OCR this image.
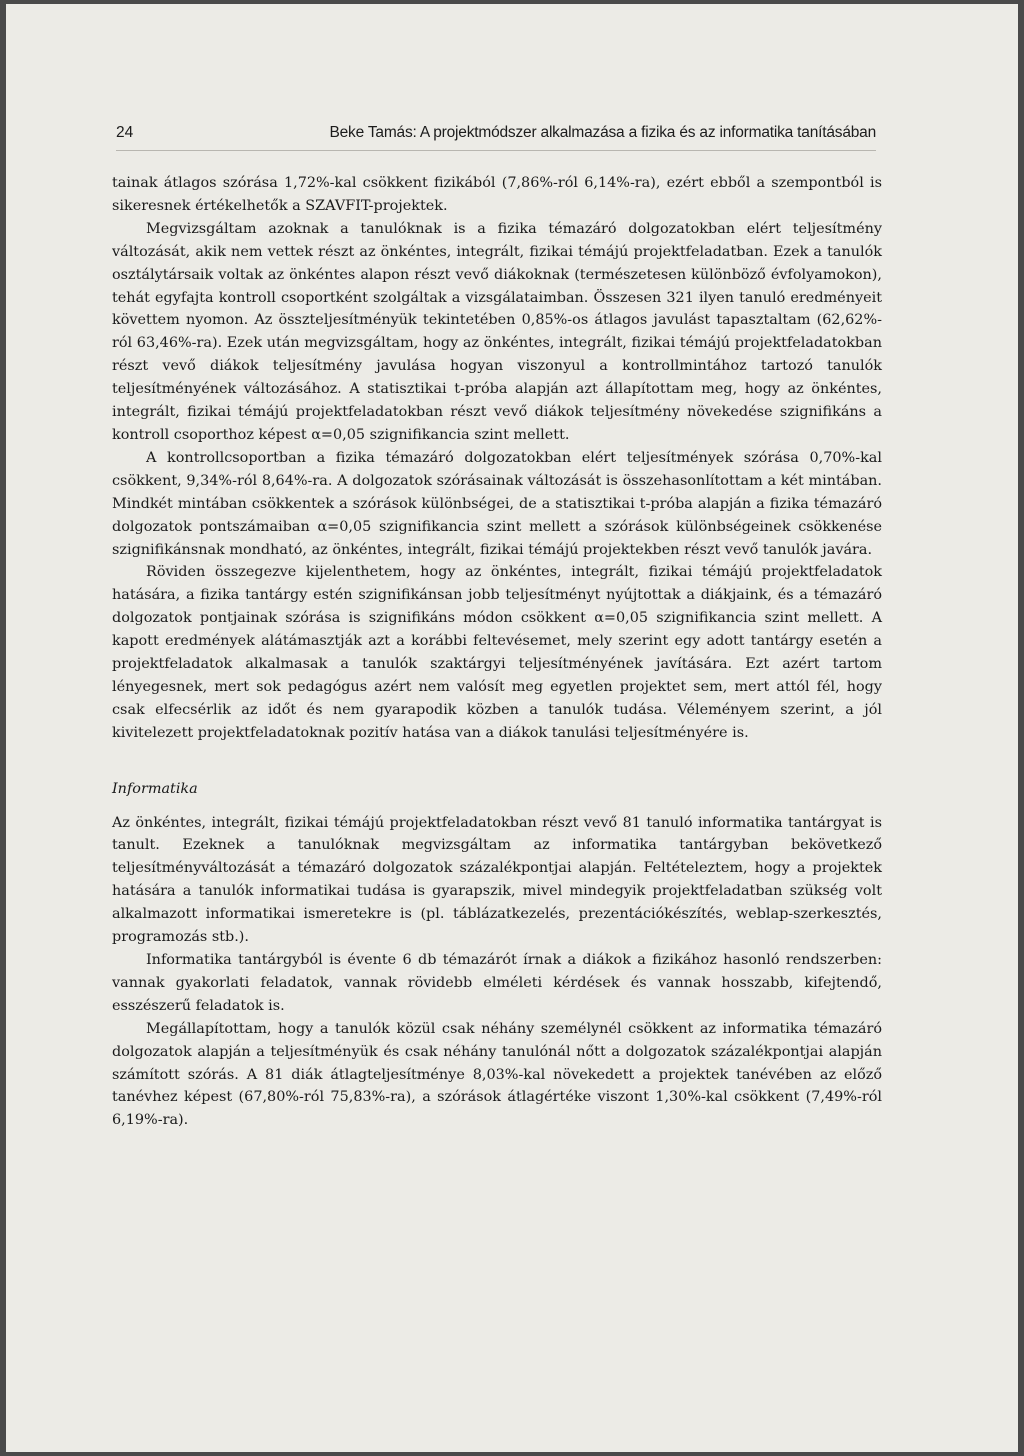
24	Beke Tamás: A projektmódszer alkalmazása a fizika és az informatika tanításában

tainak átlagos szórása 1,72%-kal csökkent fizikából (7,86%-ról 6,14%-ra), ezért ebből a szempontból is sikeresnek értékelhetők a SZAVFIT-projektek.

Megvizsgáltam azoknak a tanulóknak is a fizika témazáró dolgozatokban elért teljesítmény változását, akik nem vettek részt az önkéntes, integrált, fizikai témájú projektfeladatban. Ezek a tanulók osztálytársaik voltak az önkéntes alapon részt vevő diákoknak (természetesen különböző évfolyamokon), tehát egyfajta kontroll csoportként szolgáltak a vizsgálataimban. Összesen 321 ilyen tanuló eredményeit követtem nyomon. Az összteljesítményük tekintetében 0,85%-os átlagos javulást tapasztaltam (62,62%-ról 63,46%-ra). Ezek után megvizsgáltam, hogy az önkéntes, integrált, fizikai témájú projektfeladatokban részt vevő diákok teljesítmény javulása hogyan viszonyul a kontrollmintához tartozó tanulók teljesítményének változásához. A statisztikai t-próba alapján azt állapítottam meg, hogy az önkéntes, integrált, fizikai témájú projektfeladatokban részt vevő diákok teljesítmény növekedése szignifikáns a kontroll csoporthoz képest α=0,05 szignifikancia szint mellett.

A kontrollcsoportban a fizika témazáró dolgozatokban elért teljesítmények szórása 0,70%-kal csökkent, 9,34%-ról 8,64%-ra. A dolgozatok szórásainak változását is összehasonlítottam a két mintában. Mindkét mintában csökkentek a szórások különbségei, de a statisztikai t-próba alapján a fizika témazáró dolgozatok pontszámaiban α=0,05 szignifikancia szint mellett a szórások különbségeinek csökkenése szignifikánsnak mondható, az önkéntes, integrált, fizikai témájú projektekben részt vevő tanulók javára.

Röviden összegezve kijelenthetem, hogy az önkéntes, integrált, fizikai témájú projektfeladatok hatására, a fizika tantárgy estén szignifikánsan jobb teljesítményt nyújtottak a diákjaink, és a témazáró dolgozatok pontjainak szórása is szignifikáns módon csökkent α=0,05 szignifikancia szint mellett. A kapott eredmények alátámasztják azt a korábbi feltevésemet, mely szerint egy adott tantárgy esetén a projektfeladatok alkalmasak a tanulók szaktárgyi teljesítményének javítására. Ezt azért tartom lényegesnek, mert sok pedagógus azért nem valósít meg egyetlen projektet sem, mert attól fél, hogy csak elfecsérlik az időt és nem gyarapodik közben a tanulók tudása. Véleményem szerint, a jól kivitelezett projektfeladatoknak pozitív hatása van a diákok tanulási teljesítményére is.

Informatika

Az önkéntes, integrált, fizikai témájú projektfeladatokban részt vevő 81 tanuló informatika tantárgyat is tanult. Ezeknek a tanulóknak megvizsgáltam az informatika tantárgyban bekövetkező teljesítményváltozását a témazáró dolgozatok százalékpontjai alapján. Feltételeztem, hogy a projektek hatására a tanulók informatikai tudása is gyarapszik, mivel mindegyik projektfeladatban szükség volt alkalmazott informatikai ismeretekre is (pl. táblázatkezelés, prezentációkészítés, weblap-szerkesztés, programozás stb.).

Informatika tantárgyból is évente 6 db témazárót írnak a diákok a fizikához hasonló rendszerben: vannak gyakorlati feladatok, vannak rövidebb elméleti kérdések és vannak hosszabb, kifejtendő, esszészerű feladatok is.

Megállapítottam, hogy a tanulók közül csak néhány személynél csökkent az informatika témazáró dolgozatok alapján a teljesítményük és csak néhány tanulónál nőtt a dolgozatok százalékpontjai alapján számított szórás. A 81 diák átlagteljesítménye 8,03%-kal növekedett a projektek tanévében az előző tanévhez képest (67,80%-ról 75,83%-ra), a szórások átlagértéke viszont 1,30%-kal csökkent (7,49%-ról 6,19%-ra).
